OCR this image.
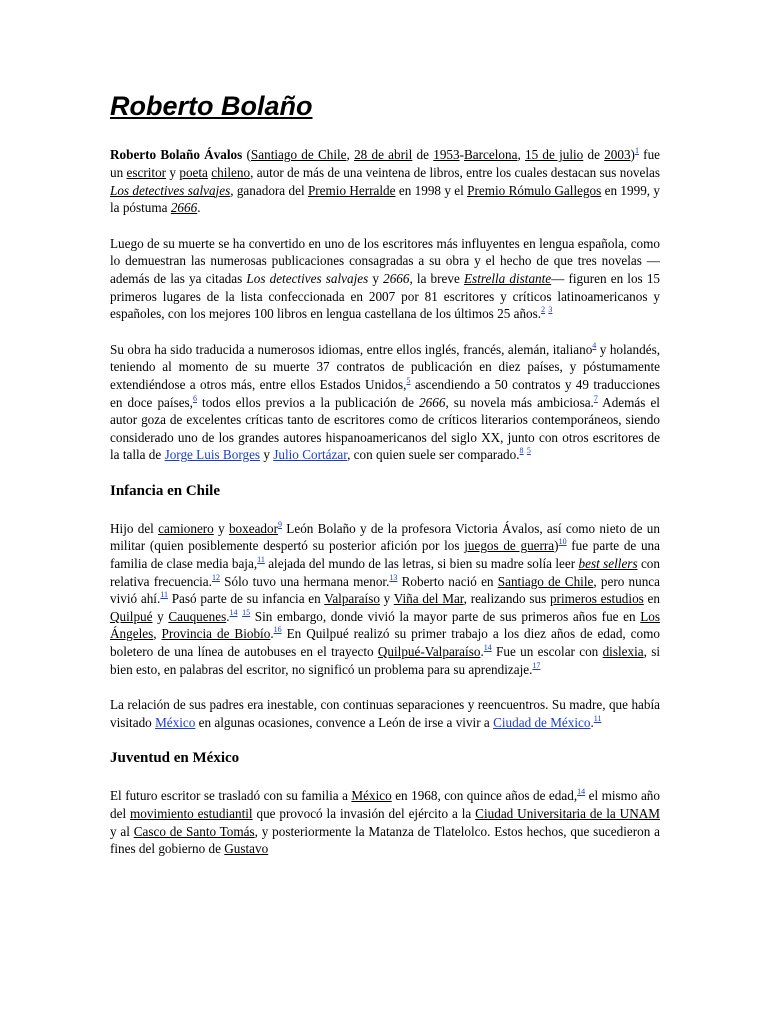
Roberto Bolaño

Roberto Bolaño Ávalos (Santiago de Chile, 28 de abril de 1953-Barcelona, 15 de julio de 2003)$^1$ fue un escritor y poeta chileno, autor de más de una veintena de libros, entre los cuales destacan sus novelas Los detectives salvajes, ganadora del Premio Herralde en 1998 y el Premio Rómulo Gallegos en 1999, y la póstuma 2666.

Luego de su muerte se ha convertido en uno de los escritores más influyentes en lengua española, como lo demuestran las numerosas publicaciones consagradas a su obra y el hecho de que tres novelas —además de las ya citadas Los detectives salvajes y 2666, la breve Estrella distante— figuren en los 15 primeros lugares de la lista confeccionada en 2007 por 81 escritores y críticos latinoamericanos y españoles, con los mejores 100 libros en lengua castellana de los últimos 25 años.$^2$ $^3$

Su obra ha sido traducida a numerosos idiomas, entre ellos inglés, francés, alemán, italiano$^4$ y holandés, teniendo al momento de su muerte 37 contratos de publicación en diez países, y póstumamente extendiéndose a otros más, entre ellos Estados Unidos,$^5$ ascendiendo a 50 contratos y 49 traducciones en doce países,$^6$ todos ellos previos a la publicación de 2666, su novela más ambiciosa.$^7$ Además el autor goza de excelentes críticas tanto de escritores como de críticos literarios contemporáneos, siendo considerado uno de los grandes autores hispanoamericanos del siglo XX, junto con otros escritores de la talla de Jorge Luis Borges y Julio Cortázar, con quien suele ser comparado.$^8$ $^5$

Infancia en Chile

Hijo del camionero y boxeador$^9$ León Bolaño y de la profesora Victoria Ávalos, así como nieto de un militar (quien posiblemente despertó su posterior afición por los juegos de guerra)$^{10}$ fue parte de una familia de clase media baja,$^{11}$ alejada del mundo de las letras, si bien su madre solía leer best sellers con relativa frecuencia.$^{12}$ Sólo tuvo una hermana menor.$^{13}$ Roberto nació en Santiago de Chile, pero nunca vivió ahí.$^{11}$ Pasó parte de su infancia en Valparaíso y Viña del Mar, realizando sus primeros estudios en Quilpué y Cauquenes.$^{14}$ $^{15}$ Sin embargo, donde vivió la mayor parte de sus primeros años fue en Los Ángeles, Provincia de Biobío.$^{16}$ En Quilpué realizó su primer trabajo a los diez años de edad, como boletero de una línea de autobuses en el trayecto Quilpué-Valparaíso.$^{14}$ Fue un escolar con dislexia, si bien esto, en palabras del escritor, no significó un problema para su aprendizaje.$^{17}$

La relación de sus padres era inestable, con continuas separaciones y reencuentros. Su madre, que había visitado México en algunas ocasiones, convence a León de irse a vivir a Ciudad de México.$^{11}$

Juventud en México

El futuro escritor se trasladó con su familia a México en 1968, con quince años de edad,$^{14}$ el mismo año del movimiento estudiantil que provocó la invasión del ejército a la Ciudad Universitaria de la UNAM y al Casco de Santo Tomás, y posteriormente la Matanza de Tlatelolco. Estos hechos, que sucedieron a fines del gobierno de Gustavo
